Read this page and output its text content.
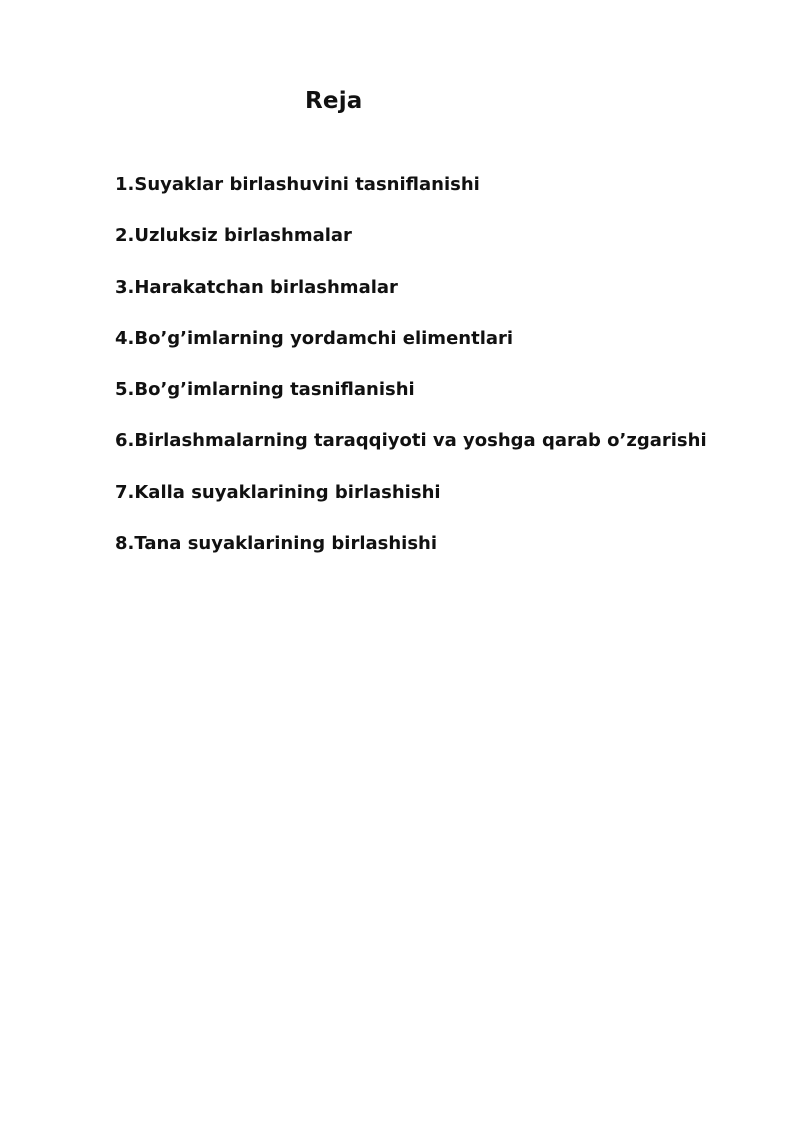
Reja
1.Suyaklar birlashuvini tasniflanishi
2.Uzluksiz birlashmalar
3.Harakatchan birlashmalar
4.Bo’g’imlarning yordamchi elimentlari
5.Bo’g’imlarning tasniflanishi
6.Birlashmalarning taraqqiyoti va yoshga qarab o’zgarishi
7.Kalla suyaklarining birlashishi
8.Tana suyaklarining birlashishi
